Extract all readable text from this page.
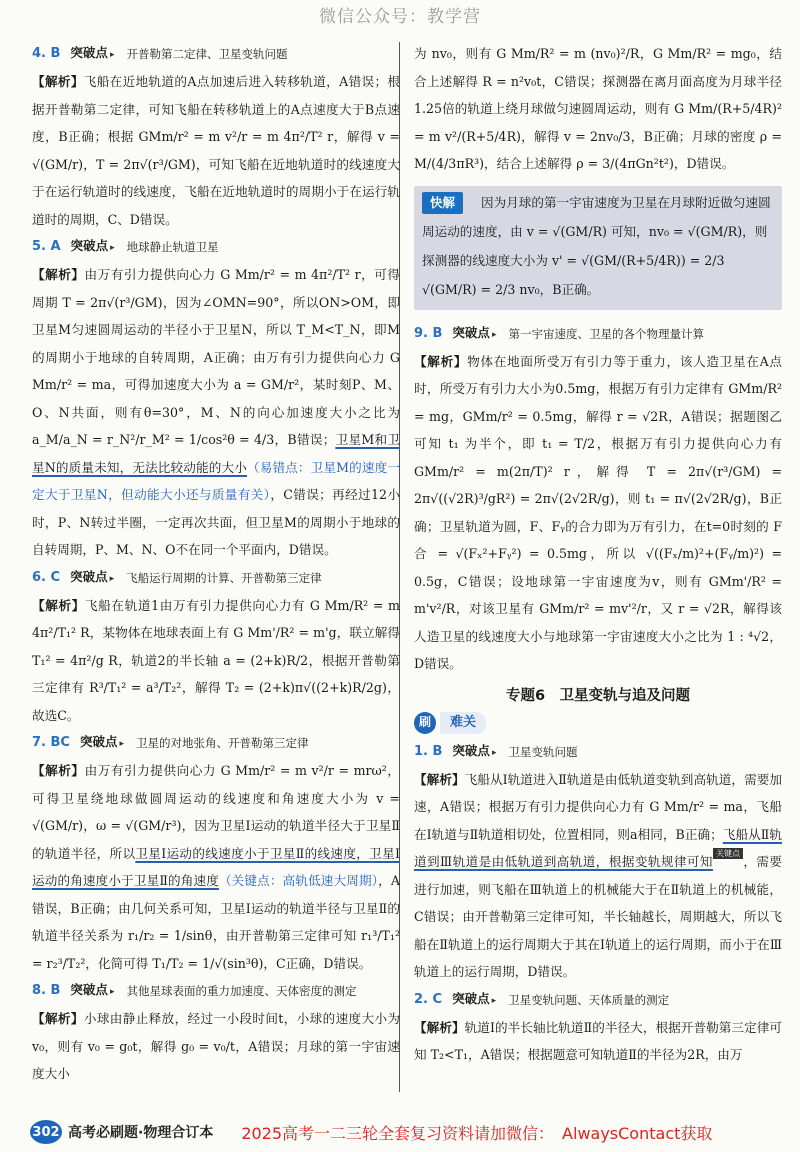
微信公众号：教学营
4. B 突破点 ▸	开普勒第二定律、卫星变轨问题

【解析】飞船在近地轨道的A点加速后进入转移轨道，A错误；根据开普勒第二定律，可知飞船在转移轨道上的A点速度大于B点速度，B正确；根据 GMm/r² = m v²/r = m 4π²/T² r，解得 v = √(GM/r)，T = 2π√(r³/GM)，可知飞船在近地轨道时的线速度大于在运行轨道时的线速度，飞船在近地轨道时的周期小于在运行轨道时的周期，C、D错误。

5. A 突破点 ▸	地球静止轨道卫星

【解析】由万有引力提供向心力 G Mm/r² = m 4π²/T² r，可得周期 T = 2π√(r³/GM)，因为∠OMN=90°，所以ON>OM，即卫星M匀速圆周运动的半径小于卫星N，所以 T_M<T_N，即M的周期小于地球的自转周期，A正确；由万有引力提供向心力 G Mm/r² = ma，可得加速度大小为 a = GM/r²，某时刻P、M、O、N共面，则有θ=30°，M、N的向心加速度大小之比为 a_M/a_N = r_N²/r_M² = 1/cos²θ = 4/3，B错误；卫星M和卫星N的质量未知，无法比较动能的大小（易错点：卫星M的速度一定大于卫星N，但动能大小还与质量有关），C错误；再经过12小时，P、N转过半圈，一定再次共面，但卫星M的周期小于地球的自转周期，P、M、N、O不在同一个平面内，D错误。

6. C 突破点 ▸	飞船运行周期的计算、开普勒第三定律

【解析】飞船在轨道1由万有引力提供向心力有 G Mm/R² = m 4π²/T₁² R，某物体在地球表面上有 G Mm'/R² = m'g，联立解得 T₁² = 4π²/g R，轨道2的半长轴 a = (2+k)R/2，根据开普勒第三定律有 R³/T₁² = a³/T₂²，解得 T₂ = (2+k)π√((2+k)R/2g)，故选C。

7. BC 突破点 ▸	卫星的对地张角、开普勒第三定律

【解析】由万有引力提供向心力 G Mm/r² = m v²/r = mrω²，可得卫星绕地球做圆周运动的线速度和角速度大小为 v = √(GM/r)，ω = √(GM/r³)，因为卫星Ⅰ运动的轨道半径大于卫星Ⅱ的轨道半径，所以卫星Ⅰ运动的线速度小于卫星Ⅱ的线速度，卫星Ⅰ运动的角速度小于卫星Ⅱ的角速度（关键点：高轨低速大周期），A错误，B正确；由几何关系可知，卫星Ⅰ运动的轨道半径与卫星Ⅱ的轨道半径关系为 r₁/r₂ = 1/sinθ，由开普勒第三定律可知 r₁³/T₁² = r₂³/T₂²，化简可得 T₁/T₂ = 1/√(sin³θ)，C正确，D错误。

8. B 突破点 ▸	其他星球表面的重力加速度、天体密度的测定

【解析】小球由静止释放，经过一小段时间t，小球的速度大小为 v₀，则有 v₀ = g₀t，解得 g₀ = v₀/t，A错误；月球的第一宇宙速度大小

为 nv₀，则有 G Mm/R² = m (nv₀)²/R，G Mm/R² = mg₀，结合上述解得 R = n²v₀t，C错误；探测器在离月面高度为月球半径1.25倍的轨道上绕月球做匀速圆周运动，则有 G Mm/(R+5/4R)² = m v²/(R+5/4R)，解得 v = 2nv₀/3，B正确；月球的密度 ρ = M/(4/3πR³)，结合上述解得 ρ = 3/(4πGn²t²)，D错误。

快解 因为月球的第一宇宙速度为卫星在月球附近做匀速圆周运动的速度，由 v = √(GM/R) 可知，nv₀ = √(GM/R)，则探测器的线速度大小为 v' = √(GM/(R+5/4R)) = 2/3 √(GM/R) = 2/3 nv₀，B正确。
9. B 突破点 ▸	第一宇宙速度、卫星的各个物理量计算

【解析】物体在地面所受万有引力等于重力，该人造卫星在A点时，所受万有引力大小为0.5mg，根据万有引力定律有 GMm/R² = mg，GMm/r² = 0.5mg，解得 r = √2R，A错误；据题图乙可知 t₁ 为半个，即 t₁ = T/2，根据万有引力提供向心力有 GMm/r² = m(2π/T)² r，解得 T = 2π√(r³/GM) = 2π√((√2R)³/gR²) = 2π√(2√2R/g)，则 t₁ = π√(2√2R/g)，B正确；卫星轨道为圆，F、Fᵧ的合力即为万有引力，在t=0时刻的 F合 = √(Fₓ²+Fᵧ²) = 0.5mg，所以 √((Fₓ/m)²+(Fᵧ/m)²) = 0.5g，C错误；设地球第一宇宙速度为v，则有 GMm'/R² = m'v²/R，对该卫星有 GMm/r² = mv'²/r，又 r = √2R，解得该人造卫星的线速度大小与地球第一宇宙速度大小之比为 1 : ⁴√2，D错误。

专题6　卫星变轨与追及问题
刷	难关
1. B 突破点 ▸	卫星变轨问题

【解析】飞船从Ⅰ轨道进入Ⅱ轨道是由低轨道变轨到高轨道，需要加速，A错误；根据万有引力提供向心力有 G Mm/r² = ma，飞船在Ⅰ轨道与Ⅱ轨道相切处，位置相同，则a相同，B正确；飞船从Ⅱ轨道到Ⅲ轨道是由低轨道到高轨道，根据变轨规律可知关键点，需要进行加速，则飞船在Ⅲ轨道上的机械能大于在Ⅱ轨道上的机械能，C错误；由开普勒第三定律可知，半长轴越长，周期越大，所以飞船在Ⅱ轨道上的运行周期大于其在Ⅰ轨道上的运行周期，而小于在Ⅲ轨道上的运行周期，D错误。

2. C 突破点 ▸	卫星变轨问题、天体质量的测定

【解析】轨道Ⅰ的半长轴比轨道Ⅱ的半径大，根据开普勒第三定律可知 T₂<T₁，A错误；根据题意可知轨道Ⅱ的半径为2R，由万

302 高考必刷题·物理合订本 2025高考一二三轮全套复习资料请加微信：　AlwaysContact获取
